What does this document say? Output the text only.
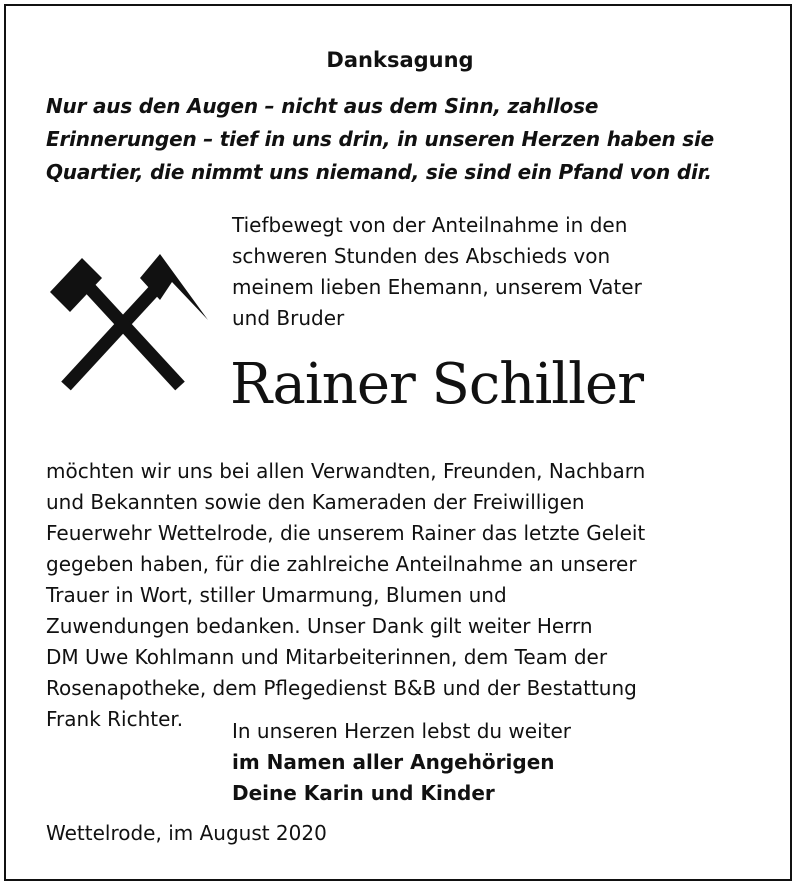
Danksagung
Nur aus den Augen – nicht aus dem Sinn, zahllose
Erinnerungen – tief in uns drin, in unseren Herzen haben sie
Quartier, die nimmt uns niemand, sie sind ein Pfand von dir.
Tiefbewegt von der Anteilnahme in den
schweren Stunden des Abschieds von
meinem lieben Ehemann, unserem Vater
und Bruder
Rainer Schiller
möchten wir uns bei allen Verwandten, Freunden, Nachbarn
und Bekannten sowie den Kameraden der Freiwilligen
Feuerwehr Wettelrode, die unserem Rainer das letzte Geleit
gegeben haben, für die zahlreiche Anteilnahme an unserer
Trauer in Wort, stiller Umarmung, Blumen und
Zuwendungen bedanken. Unser Dank gilt weiter Herrn
DM Uwe Kohlmann und Mitarbeiterinnen, dem Team der
Rosenapotheke, dem Pflegedienst B&B und der Bestattung
Frank Richter.	In unseren Herzen lebst du weiter
im Namen aller Angehörigen
Deine Karin und Kinder
Wettelrode, im August 2020
